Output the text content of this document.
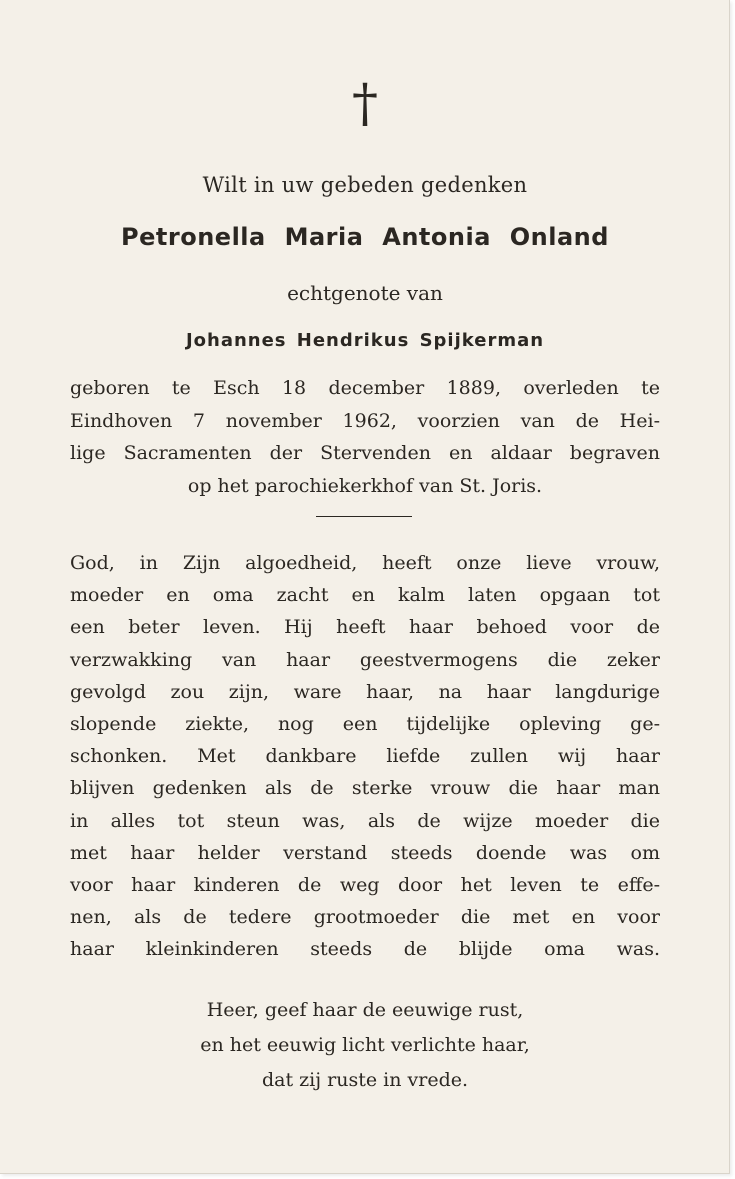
†
Wilt in uw gebeden gedenken
Petronella Maria Antonia Onland
echtgenote van
Johannes Hendrikus Spijkerman
geboren te Esch 18 december 1889, overleden te
Eindhoven 7 november 1962, voorzien van de Hei-
lige Sacramenten der Stervenden en aldaar begraven
op het parochiekerkhof van St. Joris.
God, in Zijn algoedheid, heeft onze lieve vrouw,
moeder en oma zacht en kalm laten opgaan tot
een beter leven. Hij heeft haar behoed voor de
verzwakking van haar geestvermogens die zeker
gevolgd zou zijn, ware haar, na haar langdurige
slopende ziekte, nog een tijdelijke opleving ge-
schonken. Met dankbare liefde zullen wij haar
blijven gedenken als de sterke vrouw die haar man
in alles tot steun was, als de wijze moeder die
met haar helder verstand steeds doende was om
voor haar kinderen de weg door het leven te effe-
nen, als de tedere grootmoeder die met en voor
haar kleinkinderen steeds de blijde oma was.
Heer, geef haar de eeuwige rust,
en het eeuwig licht verlichte haar,
dat zij ruste in vrede.
